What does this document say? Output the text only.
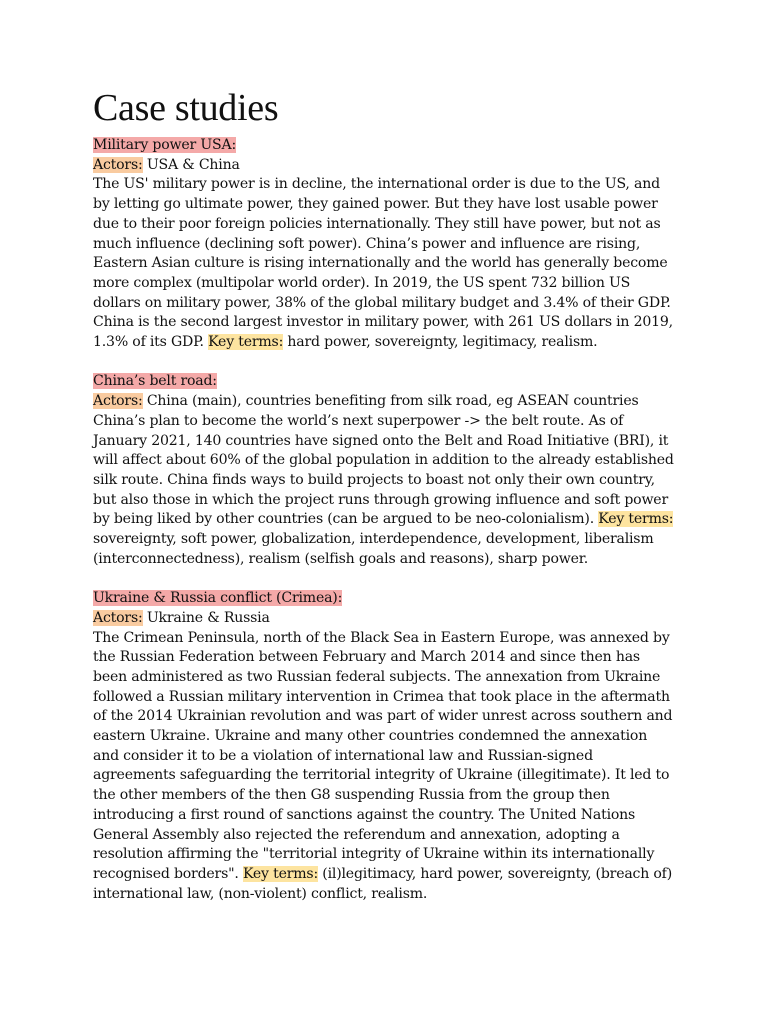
Case studies
Military power USA:
Actors: USA & China

The US' military power is in decline, the international order is due to the US, and by letting go ultimate power, they gained power. But they have lost usable power due to their poor foreign policies internationally. They still have power, but not as much influence (declining soft power). China’s power and influence are rising, Eastern Asian culture is rising internationally and the world has generally become more complex (multipolar world order). In 2019, the US spent 732 billion US dollars on military power, 38% of the global military budget and 3.4% of their GDP. China is the second largest investor in military power, with 261 US dollars in 2019, 1.3% of its GDP. Key terms: hard power, sovereignty, legitimacy, realism.

China’s belt road:
Actors: China (main), countries benefiting from silk road, eg ASEAN countries

China’s plan to become the world’s next superpower -> the belt route. As of January 2021, 140 countries have signed onto the Belt and Road Initiative (BRI), it will affect about 60% of the global population in addition to the already established silk route. China finds ways to build projects to boast not only their own country, but also those in which the project runs through growing influence and soft power by being liked by other countries (can be argued to be neo-colonialism). Key terms: sovereignty, soft power, globalization, interdependence, development, liberalism (interconnectedness), realism (selfish goals and reasons), sharp power.

Ukraine & Russia conflict (Crimea):
Actors: Ukraine & Russia

The Crimean Peninsula, north of the Black Sea in Eastern Europe, was annexed by the Russian Federation between February and March 2014 and since then has been administered as two Russian federal subjects. The annexation from Ukraine followed a Russian military intervention in Crimea that took place in the aftermath of the 2014 Ukrainian revolution and was part of wider unrest across southern and eastern Ukraine. Ukraine and many other countries condemned the annexation and consider it to be a violation of international law and Russian-signed agreements safeguarding the territorial integrity of Ukraine (illegitimate). It led to the other members of the then G8 suspending Russia from the group then introducing a first round of sanctions against the country. The United Nations General Assembly also rejected the referendum and annexation, adopting a resolution affirming the "territorial integrity of Ukraine within its internationally recognised borders". Key terms: (il)legitimacy, hard power, sovereignty, (breach of) international law, (non-violent) conflict, realism.
